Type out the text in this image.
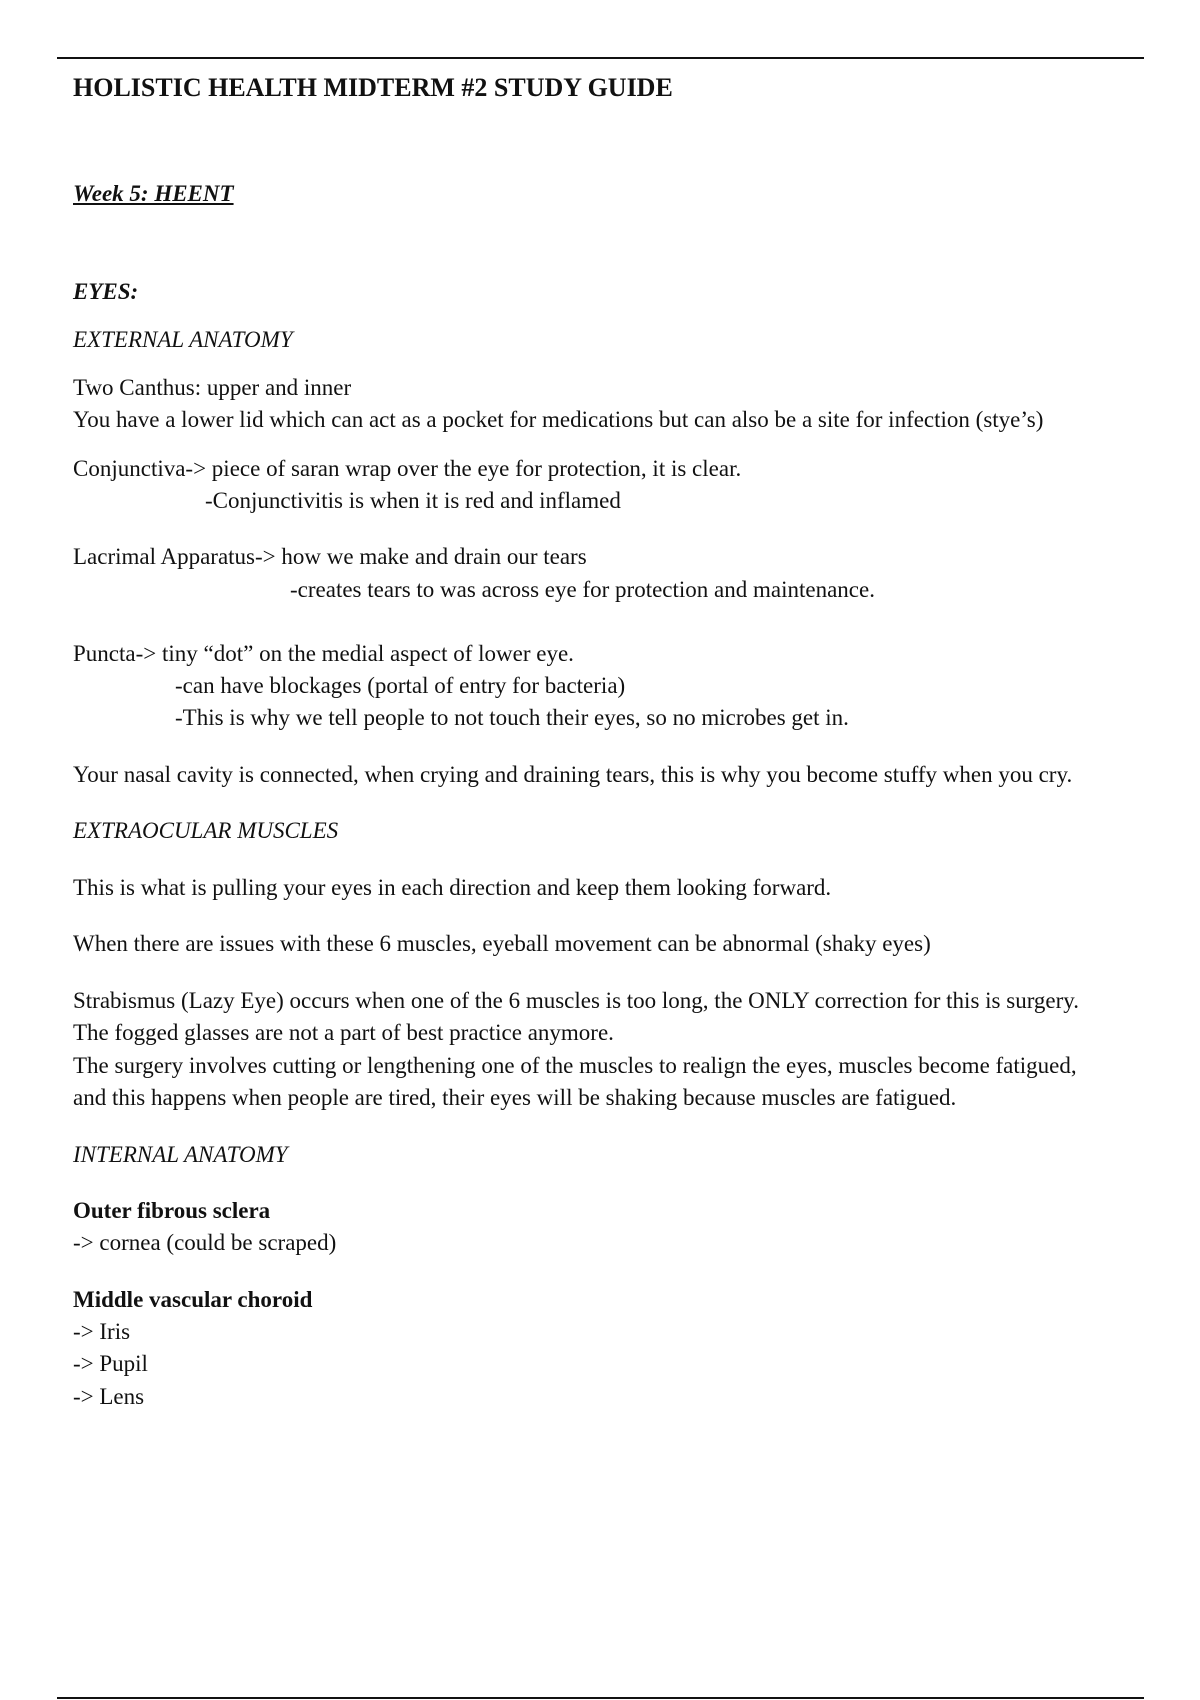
HOLISTIC HEALTH MIDTERM #2 STUDY GUIDE
Week 5: HEENT
EYES:
EXTERNAL ANATOMY
Two Canthus: upper and inner
You have a lower lid which can act as a pocket for medications but can also be a site for infection (stye’s)
Conjunctiva-> piece of saran wrap over the eye for protection, it is clear.
-Conjunctivitis is when it is red and inflamed
Lacrimal Apparatus-> how we make and drain our tears
-creates tears to was across eye for protection and maintenance.
Puncta-> tiny “dot” on the medial aspect of lower eye.
-can have blockages (portal of entry for bacteria)
-This is why we tell people to not touch their eyes, so no microbes get in.
Your nasal cavity is connected, when crying and draining tears, this is why you become stuffy when you cry.
EXTRAOCULAR MUSCLES
This is what is pulling your eyes in each direction and keep them looking forward.
When there are issues with these 6 muscles, eyeball movement can be abnormal (shaky eyes)
Strabismus (Lazy Eye) occurs when one of the 6 muscles is too long, the ONLY correction for this is surgery.
The fogged glasses are not a part of best practice anymore.
The surgery involves cutting or lengthening one of the muscles to realign the eyes, muscles become fatigued,
and this happens when people are tired, their eyes will be shaking because muscles are fatigued.
INTERNAL ANATOMY
Outer fibrous sclera
-> cornea (could be scraped)
Middle vascular choroid
-> Iris
-> Pupil
-> Lens
